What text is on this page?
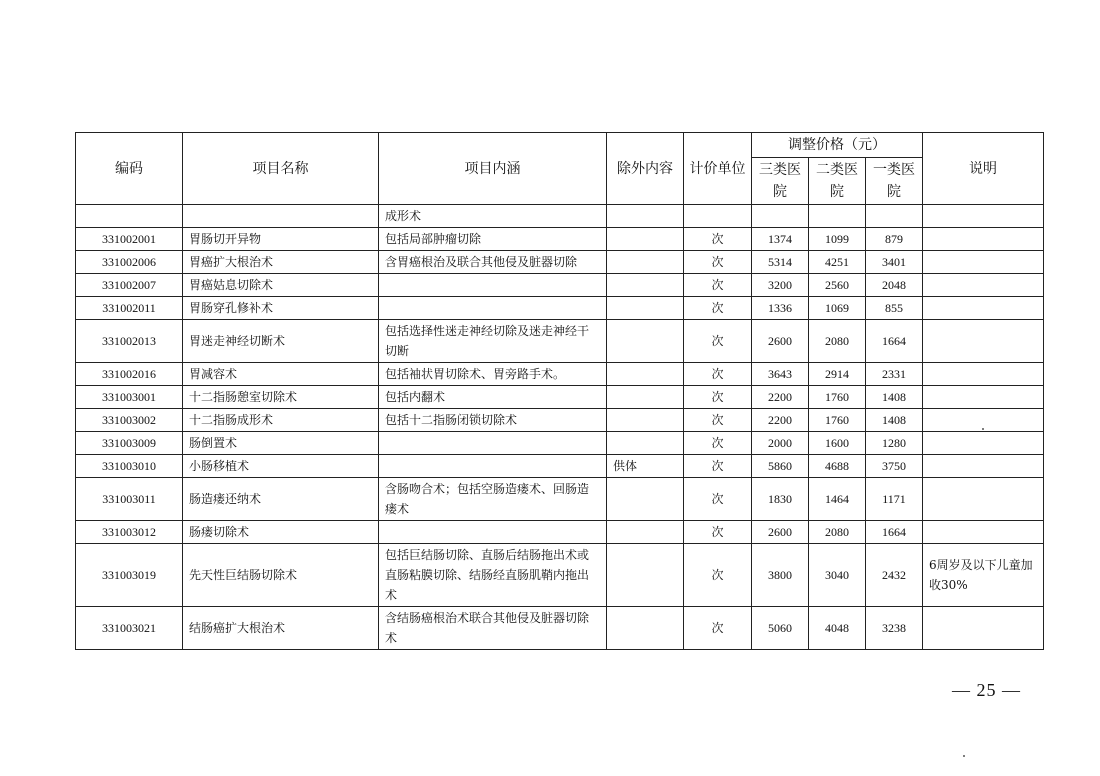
编码	项目名称	项目内涵	除外内容	计价单位	调整价格（元）			说明
					三类医院	二类医院	一类医院	
		成形术						
331002001	胃肠切开异物	包括局部肿瘤切除		次	1374	1099	879	
331002006	胃癌扩大根治术	含胃癌根治及联合其他侵及脏器切除		次	5314	4251	3401	
331002007	胃癌姑息切除术			次	3200	2560	2048	
331002011	胃肠穿孔修补术			次	1336	1069	855	
331002013	胃迷走神经切断术	包括选择性迷走神经切除及迷走神经干切断		次	2600	2080	1664	
331002016	胃减容术	包括袖状胃切除术、胃旁路手术。		次	3643	2914	2331	
331003001	十二指肠憩室切除术	包括内翻术		次	2200	1760	1408	
331003002	十二指肠成形术	包括十二指肠闭锁切除术		次	2200	1760	1408	
331003009	肠倒置术			次	2000	1600	1280	
331003010	小肠移植术		供体	次	5860	4688	3750	
331003011	肠造瘘还纳术	含肠吻合术；包括空肠造瘘术、回肠造瘘术		次	1830	1464	1171	
331003012	肠瘘切除术			次	2600	2080	1664	
331003019	先天性巨结肠切除术	包括巨结肠切除、直肠后结肠拖出术或直肠粘膜切除、结肠经直肠肌鞘内拖出术		次	3800	3040	2432	6周岁及以下儿童加收30%
331003021	结肠癌扩大根治术	含结肠癌根治术联合其他侵及脏器切除术		次	5060	4048	3238	
— 25 —
